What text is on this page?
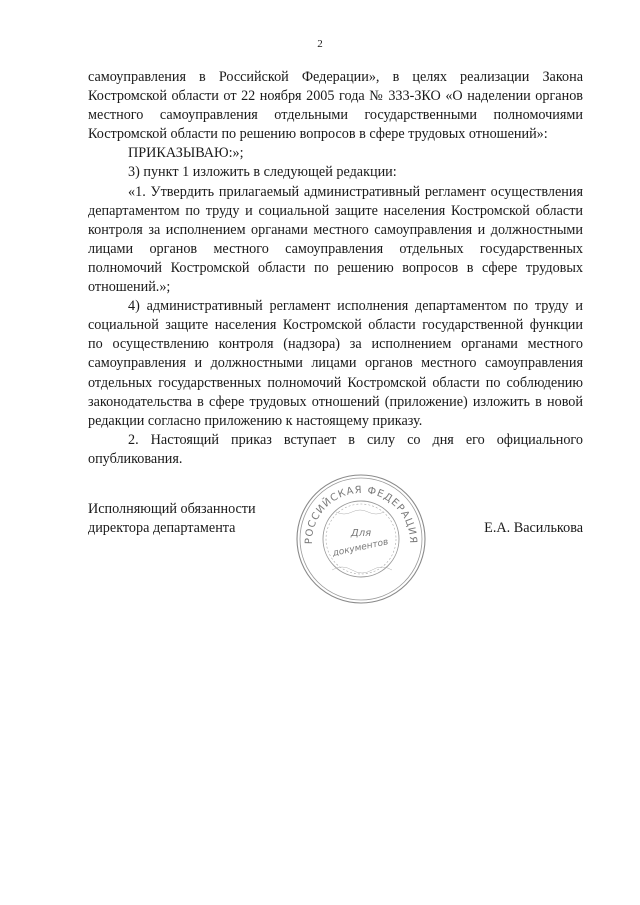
2

самоуправления в Российской Федерации», в целях реализации Закона Костромской области от 22 ноября 2005 года № 333-ЗКО «О наделении органов местного самоуправления отдельными государственными полномочиями Костромской области по решению вопросов в сфере трудовых отношений»:

ПРИКАЗЫВАЮ:»;

3) пункт 1 изложить в следующей редакции:

«1. Утвердить прилагаемый административный регламент осуществления департаментом по труду и социальной защите населения Костромской области контроля за исполнением органами местного самоуправления и должностными лицами органов местного самоуправления отдельных государственных полномочий Костромской области по решению вопросов в сфере трудовых отношений.»;

4) административный регламент исполнения департаментом по труду и социальной защите населения Костромской области государственной функции по осуществлению контроля (надзора) за исполнением органами местного самоуправления и должностными лицами органов местного самоуправления отдельных государственных полномочий Костромской области по соблюдению законодательства в сфере трудовых отношений (приложение) изложить в новой редакции согласно приложению к настоящему приказу.

2. Настоящий приказ вступает в силу со дня его официального опубликования.

Исполняющий обязанности
директора департамента	Е.А. Василькова
РОССИЙСКАЯ ФЕДЕРАЦИЯ
Для
документов
